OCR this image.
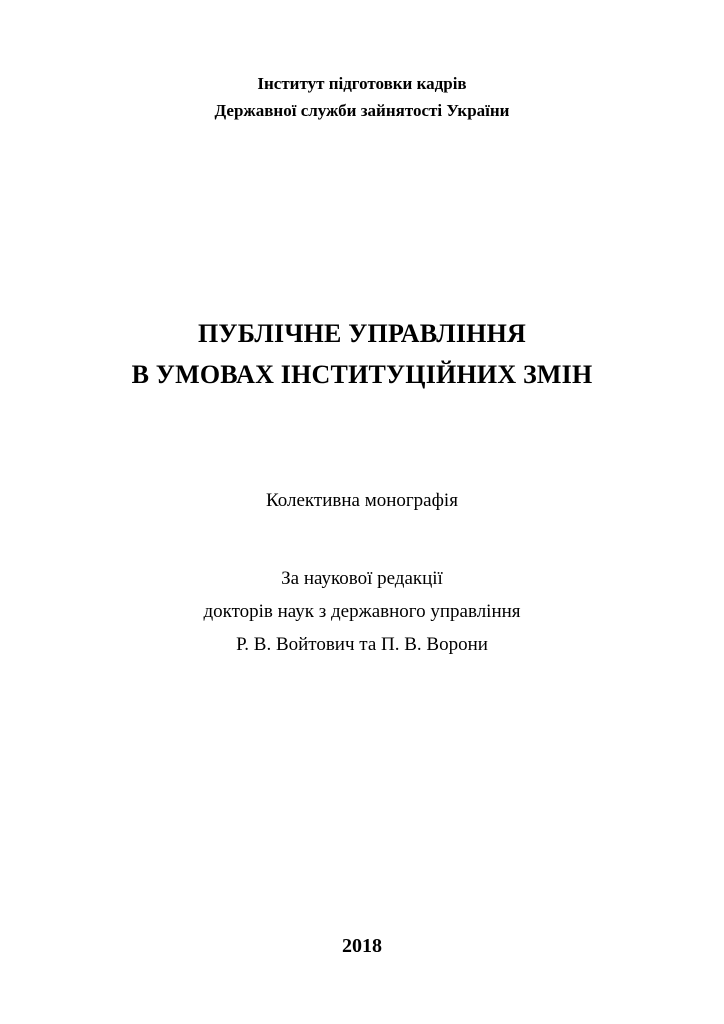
Інститут підготовки кадрів
Державної служби зайнятості України
ПУБЛІЧНЕ УПРАВЛІННЯ
В УМОВАХ ІНСТИТУЦІЙНИХ ЗМІН
Колективна монографія
За наукової редакції
докторів наук з державного управління
Р. В. Войтович та П. В. Ворони
2018
